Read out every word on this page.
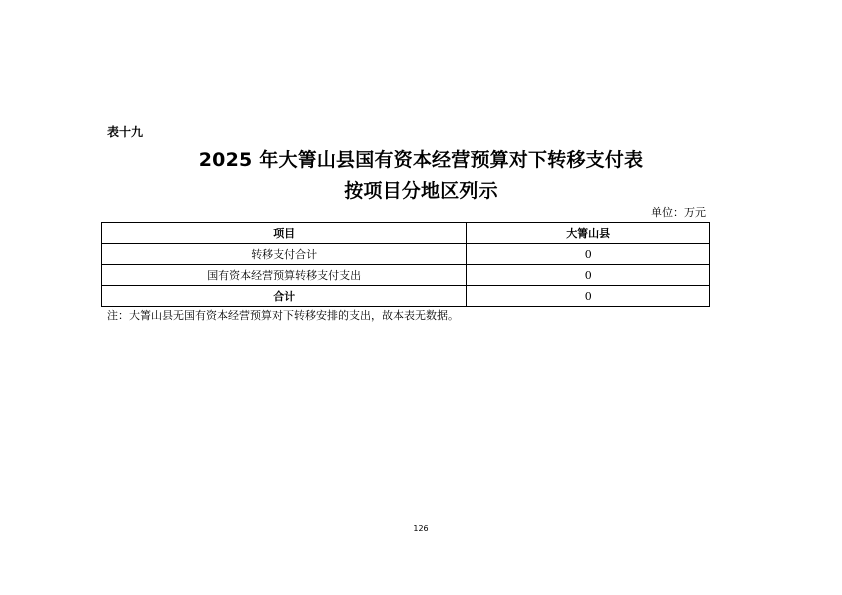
表十九
2025 年大箐山县国有资本经营预算对下转移支付表
按项目分地区列示
单位：万元
项目	大箐山县
转移支付合计	0
国有资本经营预算转移支付支出	0
合计	0
注：大箐山县无国有资本经营预算对下转移安排的支出，故本表无数据。
126
